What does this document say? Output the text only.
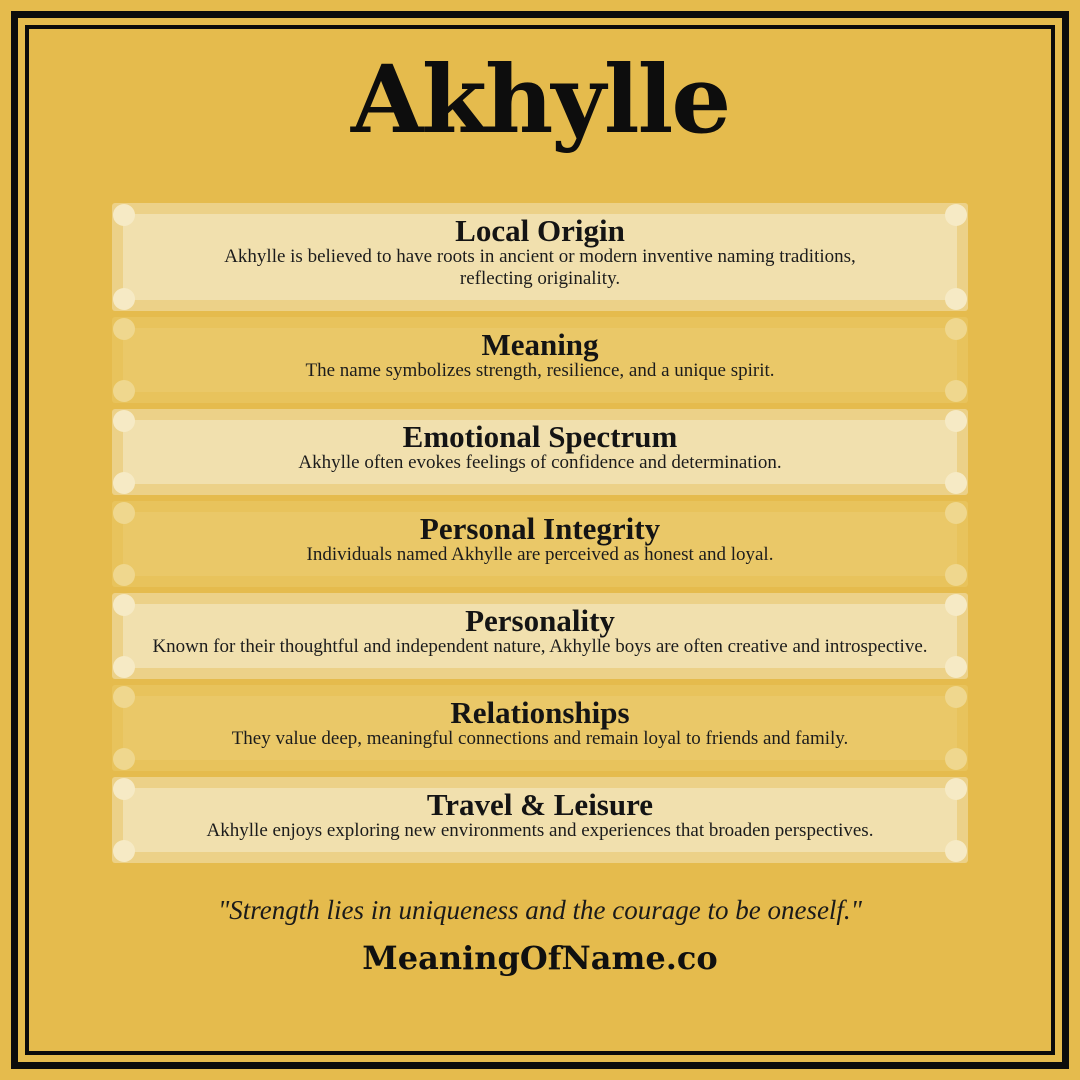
Akhylle
Local Origin

Akhylle is believed to have roots in ancient or modern inventive naming traditions, reflecting originality.

Meaning

The name symbolizes strength, resilience, and a unique spirit.

Emotional Spectrum

Akhylle often evokes feelings of confidence and determination.

Personal Integrity

Individuals named Akhylle are perceived as honest and loyal.

Personality

Known for their thoughtful and independent nature, Akhylle boys are often creative and introspective.

Relationships

They value deep, meaningful connections and remain loyal to friends and family.

Travel & Leisure

Akhylle enjoys exploring new environments and experiences that broaden perspectives.

"Strength lies in uniqueness and the courage to be oneself."

MeaningOfName.co
